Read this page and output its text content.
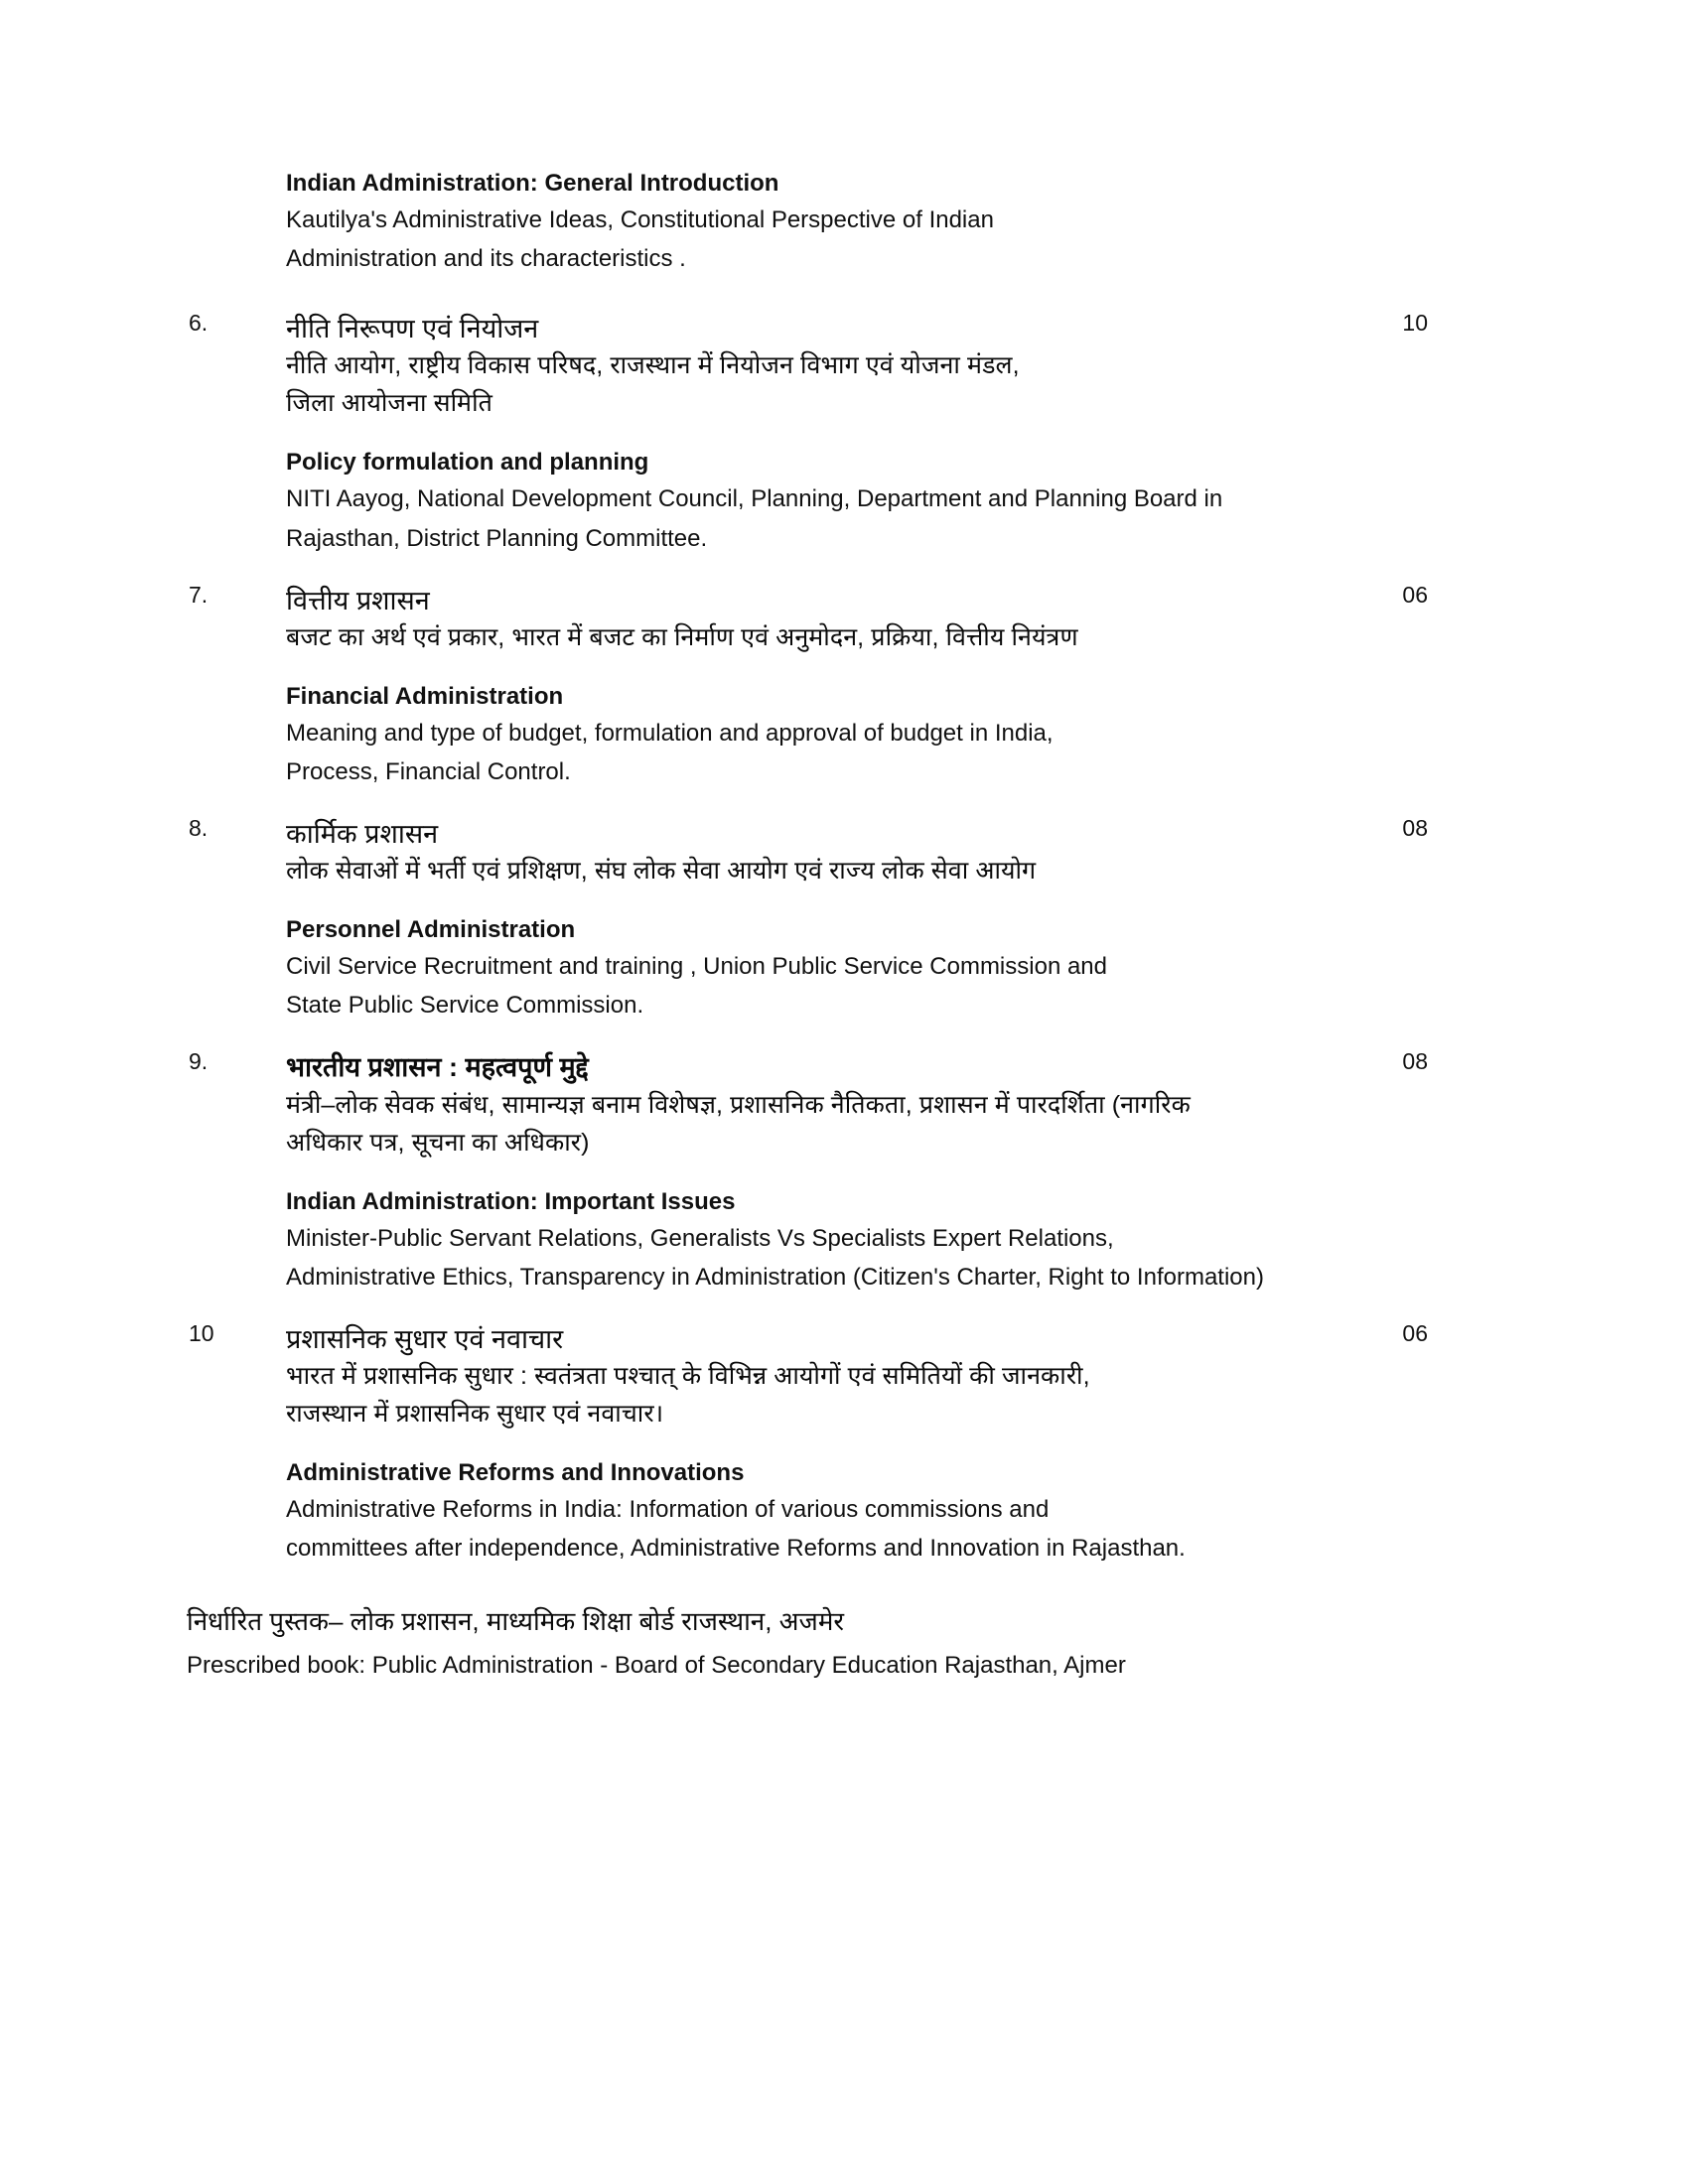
Indian Administration: General Introduction
Kautilya's Administrative Ideas, Constitutional Perspective of Indian
Administration and its characteristics .
6.	10
नीति निरूपण एवं नियोजन
नीति आयोग, राष्ट्रीय विकास परिषद, राजस्थान में नियोजन विभाग एवं योजना मंडल,
जिला आयोजना समिति
Policy formulation and planning
NITI Aayog, National Development Council, Planning, Department and Planning Board in
Rajasthan, District Planning Committee.
7.	06
वित्तीय प्रशासन
बजट का अर्थ एवं प्रकार, भारत में बजट का निर्माण एवं अनुमोदन, प्रक्रिया, वित्तीय नियंत्रण
Financial Administration
Meaning and type of budget, formulation and approval of budget in India,
Process, Financial Control.
8.	08
कार्मिक प्रशासन
लोक सेवाओं में भर्ती एवं प्रशिक्षण, संघ लोक सेवा आयोग एवं राज्य लोक सेवा आयोग
Personnel Administration
Civil Service Recruitment and training , Union Public Service Commission and
State Public Service Commission.
9.	08
भारतीय प्रशासन : महत्वपूर्ण मुद्दे
मंत्री–लोक सेवक संबंध, सामान्यज्ञ बनाम विशेषज्ञ, प्रशासनिक नैतिकता, प्रशासन में पारदर्शिता (नागरिक
अधिकार पत्र, सूचना का अधिकार)
Indian Administration: Important Issues
Minister-Public Servant Relations, Generalists Vs Specialists Expert Relations,
Administrative Ethics, Transparency in Administration (Citizen's Charter, Right to Information)
10	06
प्रशासनिक सुधार एवं नवाचार
भारत में प्रशासनिक सुधार : स्वतंत्रता पश्चात् के विभिन्न आयोगों एवं समितियों की जानकारी,
राजस्थान में प्रशासनिक सुधार एवं नवाचार।
Administrative Reforms and Innovations
Administrative Reforms in India: Information of various commissions and
committees after independence, Administrative Reforms and Innovation in Rajasthan.
निर्धारित पुस्तक– लोक प्रशासन, माध्यमिक शिक्षा बोर्ड राजस्थान, अजमेर
Prescribed book: Public Administration - Board of Secondary Education Rajasthan, Ajmer
